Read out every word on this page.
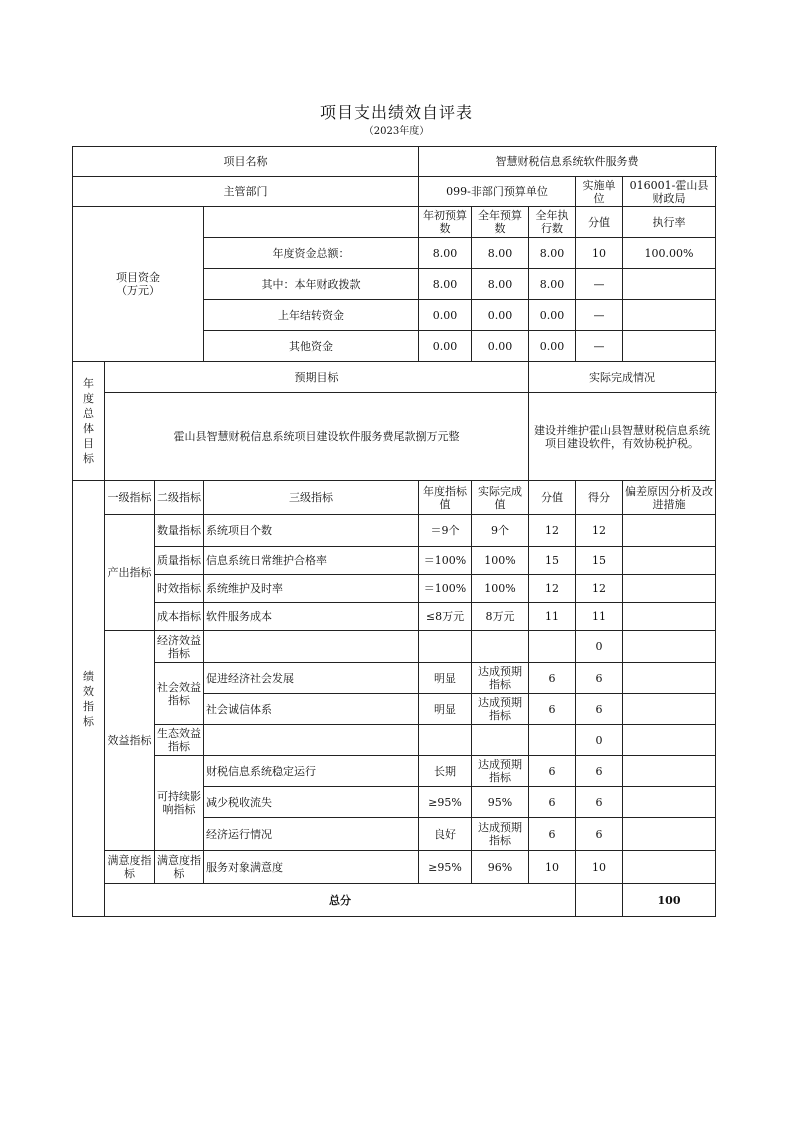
项目支出绩效自评表
（2023年度）
项目名称				智慧财税信息系统软件服务费					
主管部门				099-非部门预算单位			实施单位	016001-霍山县财政局	
项目资金
（万元）				年初预算数	全年预算数	全年执行数	分值	执行率	
			年度资金总额：	8.00	8.00	8.00	10	100.00%	
			其中：本年财政拨款	8.00	8.00	8.00	—		
			上年结转资金	0.00	0.00	0.00	—		
			其他资金	0.00	0.00	0.00	—		

年度总体目标	预期目标					实际完成情况			
	霍山县智慧财税信息系统项目建设软件服务费尾款捌万元整					建设并维护霍山县智慧财税信息系统项目建设软件，有效协税护税。			

绩效指标	一级指标	二级指标	三级指标	年度指标值	实际完成值	分值	得分	偏差原因分析及改进措施	
	产出指标	数量指标	系统项目个数	＝9个	9个	12	12		
		质量指标	信息系统日常维护合格率	＝100%	100%	15	15		
		时效指标	系统维护及时率	＝100%	100%	12	12		
		成本指标	软件服务成本	≤8万元	8万元	11	11		
	效益指标	经济效益指标					0		
		社会效益指标	促进经济社会发展	明显	达成预期指标	6	6		
			社会诚信体系	明显	达成预期指标	6	6		
		生态效益指标					0		
		可持续影响指标	财税信息系统稳定运行	长期	达成预期指标	6	6		
			减少税收流失	≥95%	95%	6	6		
			经济运行情况	良好	达成预期指标	6	6		
	满意度指标	满意度指标	服务对象满意度	≥95%	96%	10	10		
	总分							100		
